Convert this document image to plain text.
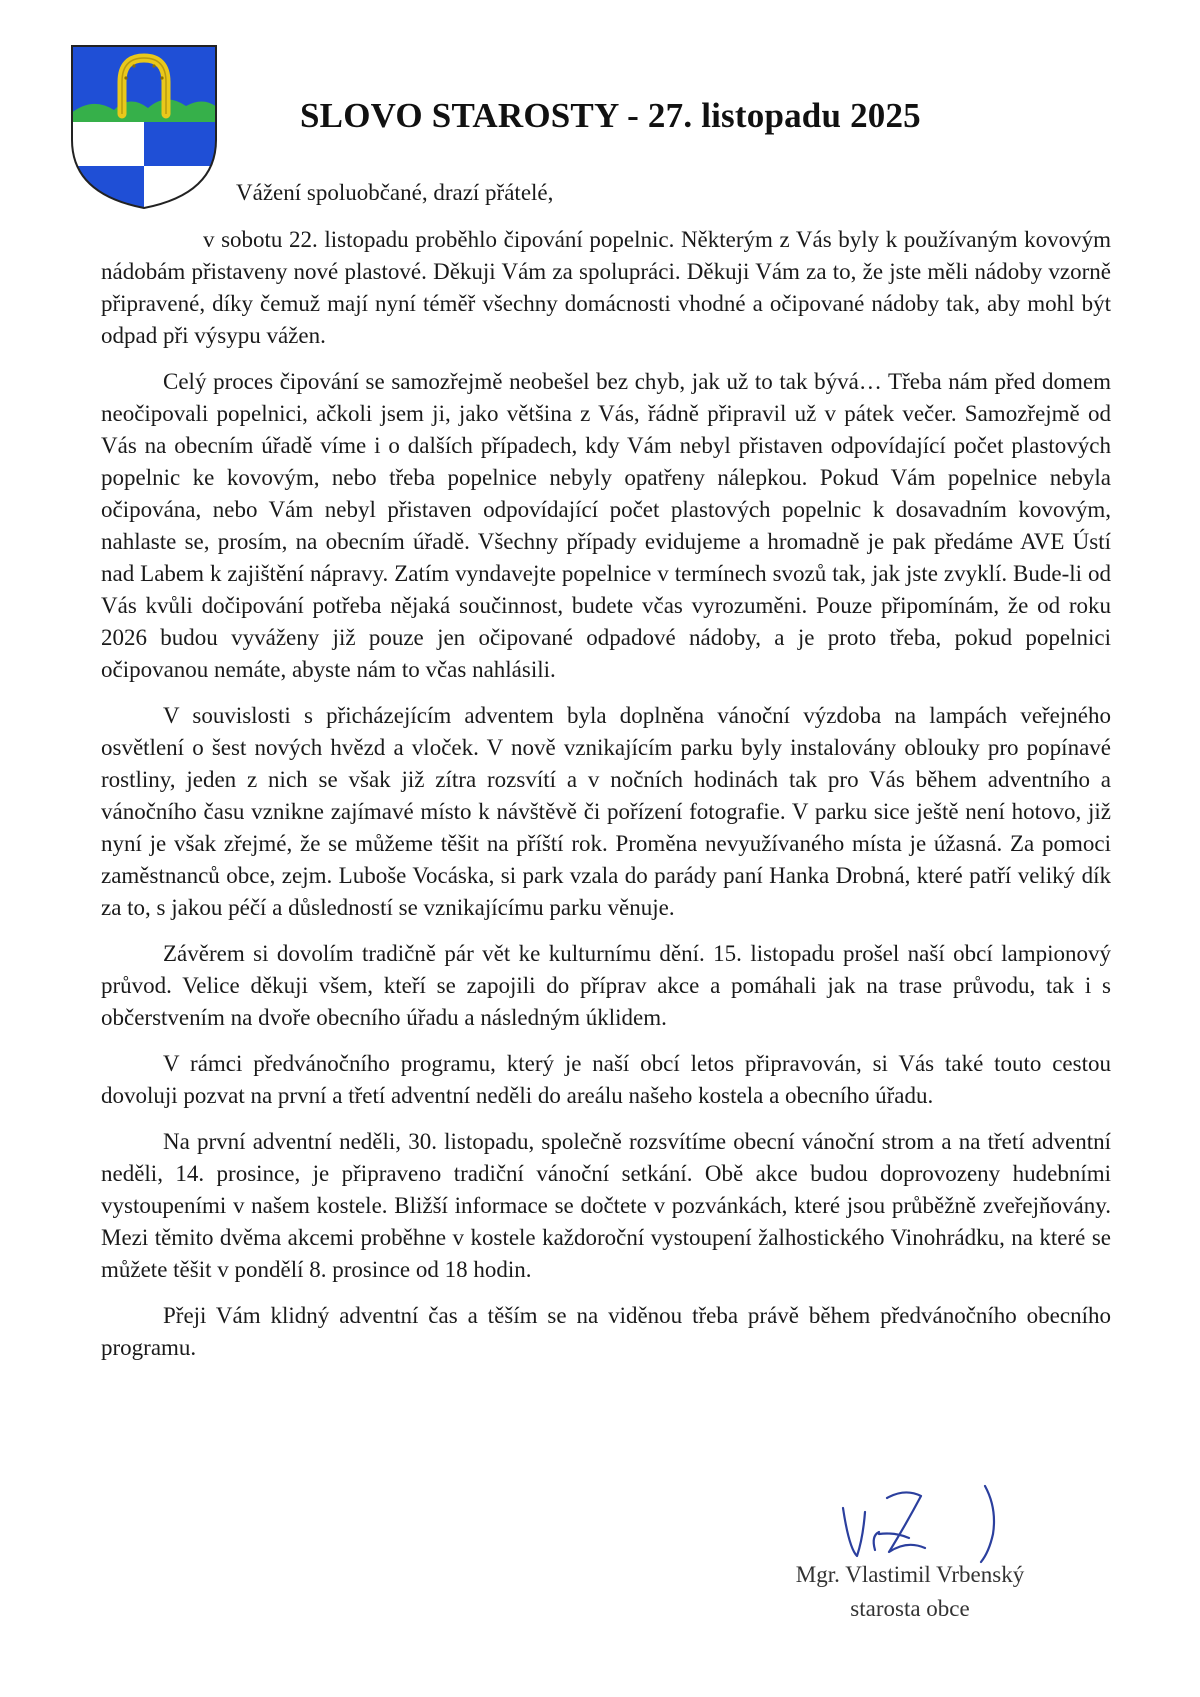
SLOVO STAROSTY - 27. listopadu 2025
Vážení spoluobčané, drazí přátelé,

v sobotu 22. listopadu proběhlo čipování popelnic. Některým z Vás byly k používaným kovovým nádobám přistaveny nové plastové. Děkuji Vám za spolupráci. Děkuji Vám za to, že jste měli nádoby vzorně připravené, díky čemuž mají nyní téměř všechny domácnosti vhodné a očipované nádoby tak, aby mohl být odpad při výsypu vážen.

Celý proces čipování se samozřejmě neobešel bez chyb, jak už to tak bývá… Třeba nám před domem neočipovali popelnici, ačkoli jsem ji, jako většina z Vás, řádně připravil už v pátek večer. Samozřejmě od Vás na obecním úřadě víme i o dalších případech, kdy Vám nebyl přistaven odpovídající počet plastových popelnic ke kovovým, nebo třeba popelnice nebyly opatřeny nálepkou. Pokud Vám popelnice nebyla očipována, nebo Vám nebyl přistaven odpovídající počet plastových popelnic k dosavadním kovovým, nahlaste se, prosím, na obecním úřadě. Všechny případy evidujeme a hromadně je pak předáme AVE Ústí nad Labem k zajištění nápravy. Zatím vyndavejte popelnice v termínech svozů tak, jak jste zvyklí. Bude-li od Vás kvůli dočipování potřeba nějaká součinnost, budete včas vyrozuměni. Pouze připomínám, že od roku 2026 budou vyváženy již pouze jen očipované odpadové nádoby, a je proto třeba, pokud popelnici očipovanou nemáte, abyste nám to včas nahlásili.

V souvislosti s přicházejícím adventem byla doplněna vánoční výzdoba na lampách veřejného osvětlení o šest nových hvězd a vloček. V nově vznikajícím parku byly instalovány oblouky pro popínavé rostliny, jeden z nich se však již zítra rozsvítí a v nočních hodinách tak pro Vás během adventního a vánočního času vznikne zajímavé místo k návštěvě či pořízení fotografie. V parku sice ještě není hotovo, již nyní je však zřejmé, že se můžeme těšit na příští rok. Proměna nevyužívaného místa je úžasná. Za pomoci zaměstnanců obce, zejm. Luboše Vocáska, si park vzala do parády paní Hanka Drobná, které patří veliký dík za to, s jakou péčí a důsledností se vznikajícímu parku věnuje.

Závěrem si dovolím tradičně pár vět ke kulturnímu dění. 15. listopadu prošel naší obcí lampionový průvod. Velice děkuji všem, kteří se zapojili do příprav akce a pomáhali jak na trase průvodu, tak i s občerstvením na dvoře obecního úřadu a následným úklidem.

V rámci předvánočního programu, který je naší obcí letos připravován, si Vás také touto cestou dovoluji pozvat na první a třetí adventní neděli do areálu našeho kostela a obecního úřadu.

Na první adventní neděli, 30. listopadu, společně rozsvítíme obecní vánoční strom a na třetí adventní neděli, 14. prosince, je připraveno tradiční vánoční setkání. Obě akce budou doprovozeny hudebními vystoupeními v našem kostele. Bližší informace se dočtete v pozvánkách, které jsou průběžně zveřejňovány. Mezi těmito dvěma akcemi proběhne v kostele každoroční vystoupení žalhostického Vinohrádku, na které se můžete těšit v pondělí 8. prosince od 18 hodin.

Přeji Vám klidný adventní čas a těším se na viděnou třeba právě během předvánočního obecního programu.

Mgr. Vlastimil Vrbenský
starosta obce
